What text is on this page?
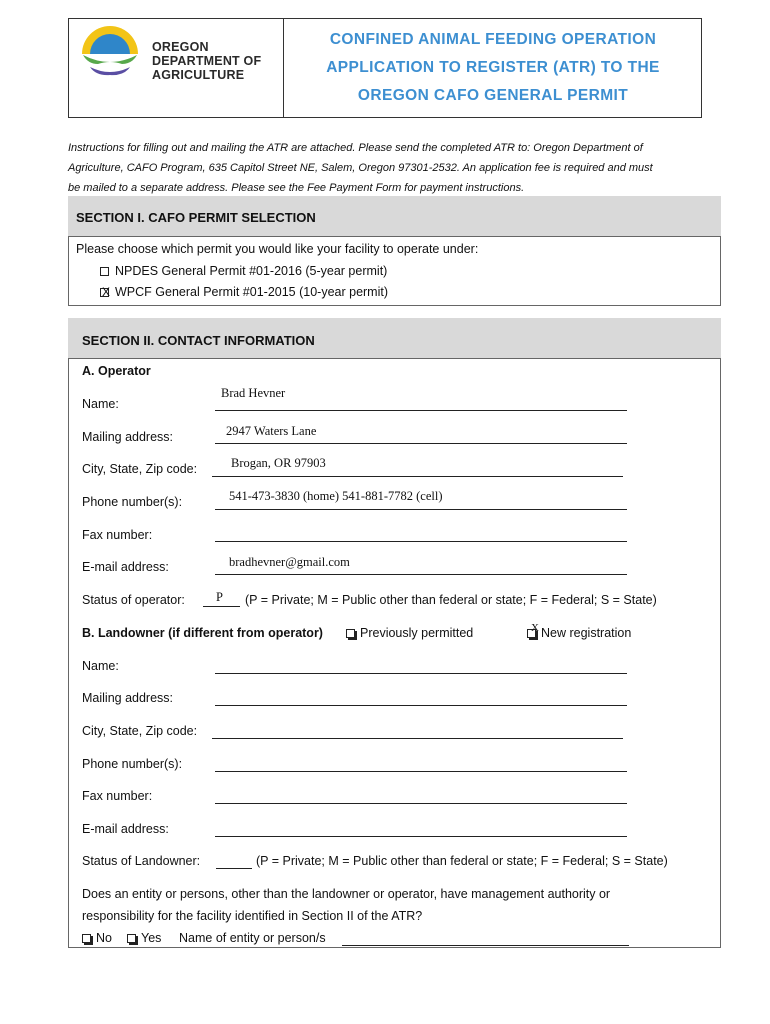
OREGON
DEPARTMENT OF
AGRICULTURE
CONFINED ANIMAL FEEDING OPERATION
APPLICATION TO REGISTER (ATR) TO THE
OREGON CAFO GENERAL PERMIT
Instructions for filling out and mailing the ATR are attached. Please send the completed ATR to: Oregon Department of
Agriculture, CAFO Program, 635 Capitol Street NE, Salem, Oregon 97301-2532. An application fee is required and must
be mailed to a separate address. Please see the Fee Payment Form for payment instructions.
SECTION I. CAFO PERMIT SELECTION
Please choose which permit you would like your facility to operate under:
NPDES General Permit #01-2016 (5-year permit)
X WPCF General Permit #01-2015 (10-year permit)
SECTION II. CONTACT INFORMATION
A. Operator
Name:
Brad Hevner
Mailing address:	2947 Waters Lane
City, State, Zip code:	Brogan, OR 97903
Phone number(s):	541-473-3830 (home) 541-881-7782 (cell)
Fax number:
E-mail address:	bradhevner@gmail.com
Status of operator: P (P = Private; M = Public other than federal or state; F = Federal; S = State)
B. Landowner (if different from operator)	Previously permitted	X New registration
Name:
Mailing address:
City, State, Zip code:
Phone number(s):
Fax number:
E-mail address:
Status of Landowner:	(P = Private; M = Public other than federal or state; F = Federal; S = State)
Does an entity or persons, other than the landowner or operator, have management authority or
responsibility for the facility identified in Section II of the ATR?
No	Yes Name of entity or person/s
